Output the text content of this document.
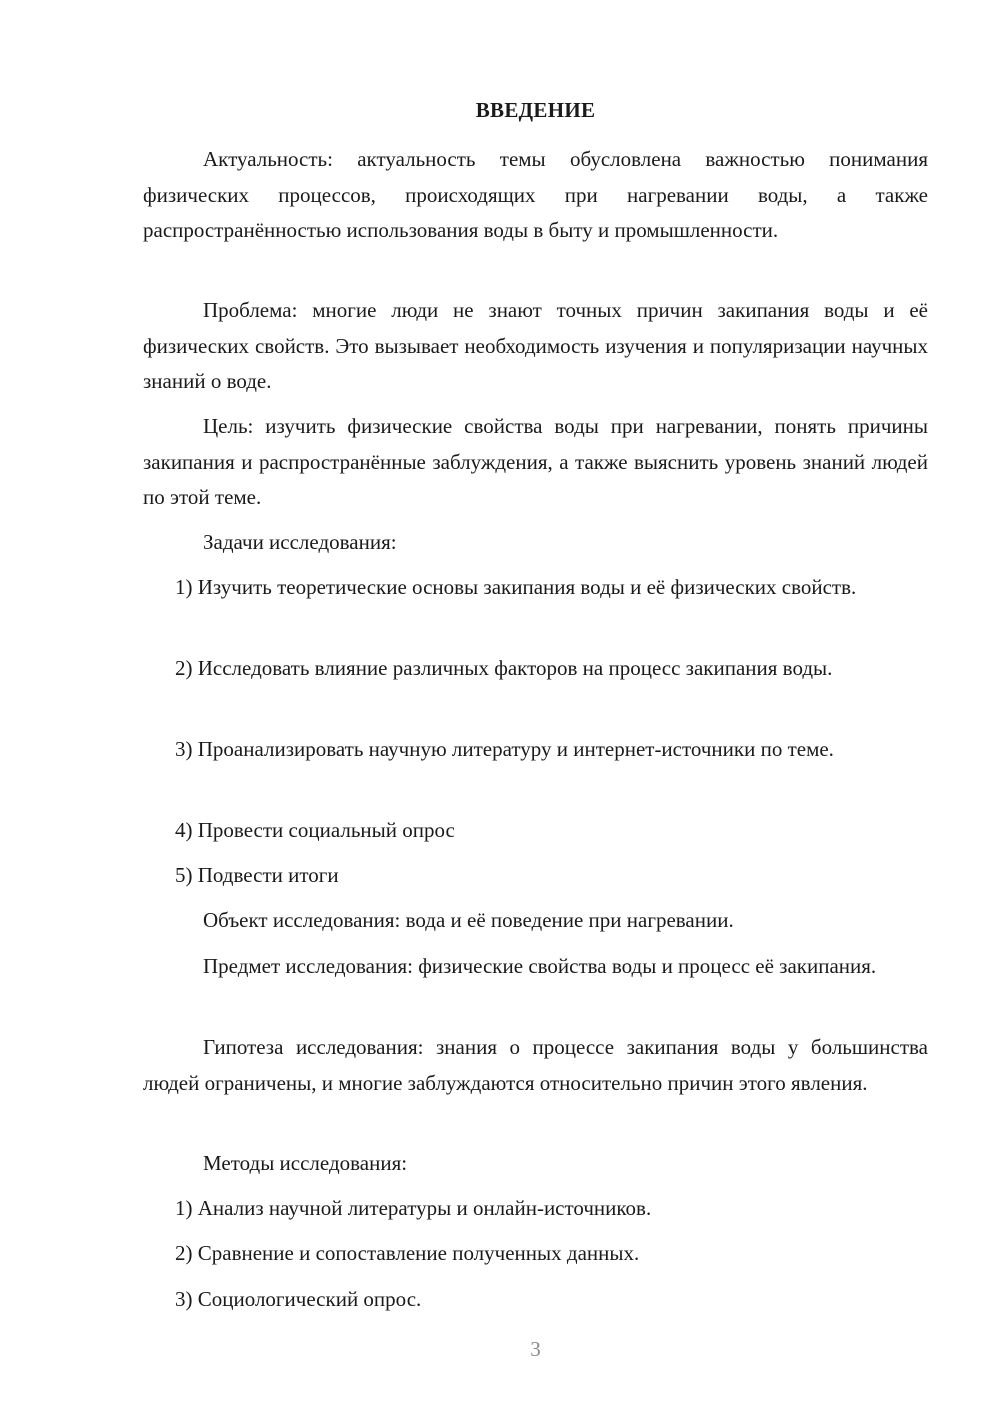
ВВЕДЕНИЕ

Актуальность: актуальность темы обусловлена важностью понимания физических процессов, происходящих при нагревании воды, а также распространённостью использования воды в быту и промышленности.

Проблема: многие люди не знают точных причин закипания воды и её физических свойств. Это вызывает необходимость изучения и популяризации научных знаний о воде.

Цель: изучить физические свойства воды при нагревании, понять причины закипания и распространённые заблуждения, а также выяснить уровень знаний людей по этой теме.

Задачи исследования:

1) Изучить теоретические основы закипания воды и её физических свойств.

2) Исследовать влияние различных факторов на процесс закипания воды.

3) Проанализировать научную литературу и интернет-источники по теме.

4) Провести социальный опрос

5) Подвести итоги

Объект исследования: вода и её поведение при нагревании.

Предмет исследования: физические свойства воды и процесс её закипания.

Гипотеза исследования: знания о процессе закипания воды у большинства людей ограничены, и многие заблуждаются относительно причин этого явления.

Методы исследования:

1) Анализ научной литературы и онлайн-источников.

2) Сравнение и сопоставление полученных данных.

3) Социологический опрос.

3
